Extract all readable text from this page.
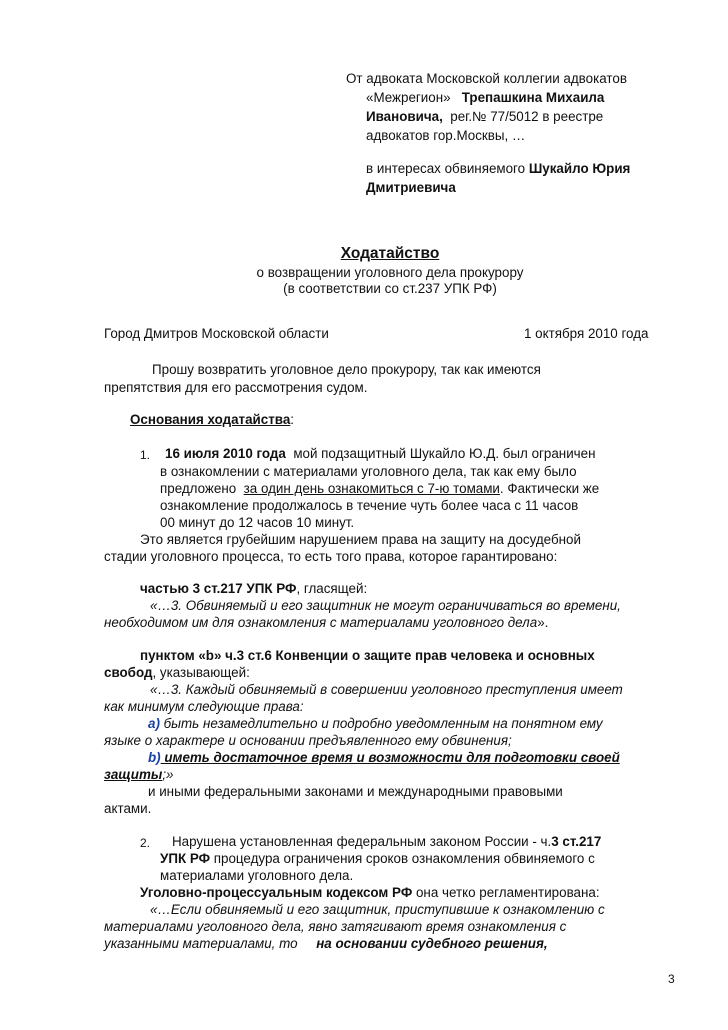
От адвоката Московской коллегии адвокатов
«Межрегион» Трепашкина Михаила
Ивановича, рег.№ 77/5012 в реестре
адвокатов гор.Москвы, …
в интересах обвиняемого Шукайло Юрия
Дмитриевича
Ходатайство
о возвращении уголовного дела прокурору
(в соответствии со ст.237 УПК РФ)
Город Дмитров Московской области	1 октября 2010 года
Прошу возвратить уголовное дело прокурору, так как имеются
препятствия для его рассмотрения судом.
Основания ходатайства:
1. 16 июля 2010 года мой подзащитный Шукайло Ю.Д. был ограничен
в ознакомлении с материалами уголовного дела, так как ему было
предложено за один день ознакомиться с 7-ю томами. Фактически же
ознакомление продолжалось в течение чуть более часа с 11 часов
00 минут до 12 часов 10 минут.
Это является грубейшим нарушением права на защиту на досудебной
стадии уголовного процесса, то есть того права, которое гарантировано:
частью 3 ст.217 УПК РФ, гласящей:
«…3. Обвиняемый и его защитник не могут ограничиваться во времени,
необходимом им для ознакомления с материалами уголовного дела».
пунктом «b» ч.3 ст.6 Конвенции о защите прав человека и основных
свобод, указывающей:
«…3. Каждый обвиняемый в совершении уголовного преступления имеет
как минимум следующие права:
a) быть незамедлительно и подробно уведомленным на понятном ему
языке о характере и основании предъявленного ему обвинения;
b) иметь достаточное время и возможности для подготовки своей
защиты;»
и иными федеральными законами и международными правовыми
актами.
2. Нарушена установленная федеральным законом России - ч.3 ст.217
УПК РФ процедура ограничения сроков ознакомления обвиняемого с
материалами уголовного дела.
Уголовно-процессуальным кодексом РФ она четко регламентирована:
«…Если обвиняемый и его защитник, приступившие к ознакомлению с
материалами уголовного дела, явно затягивают время ознакомления с
указанными материалами, то на основании судебного решения,
3
